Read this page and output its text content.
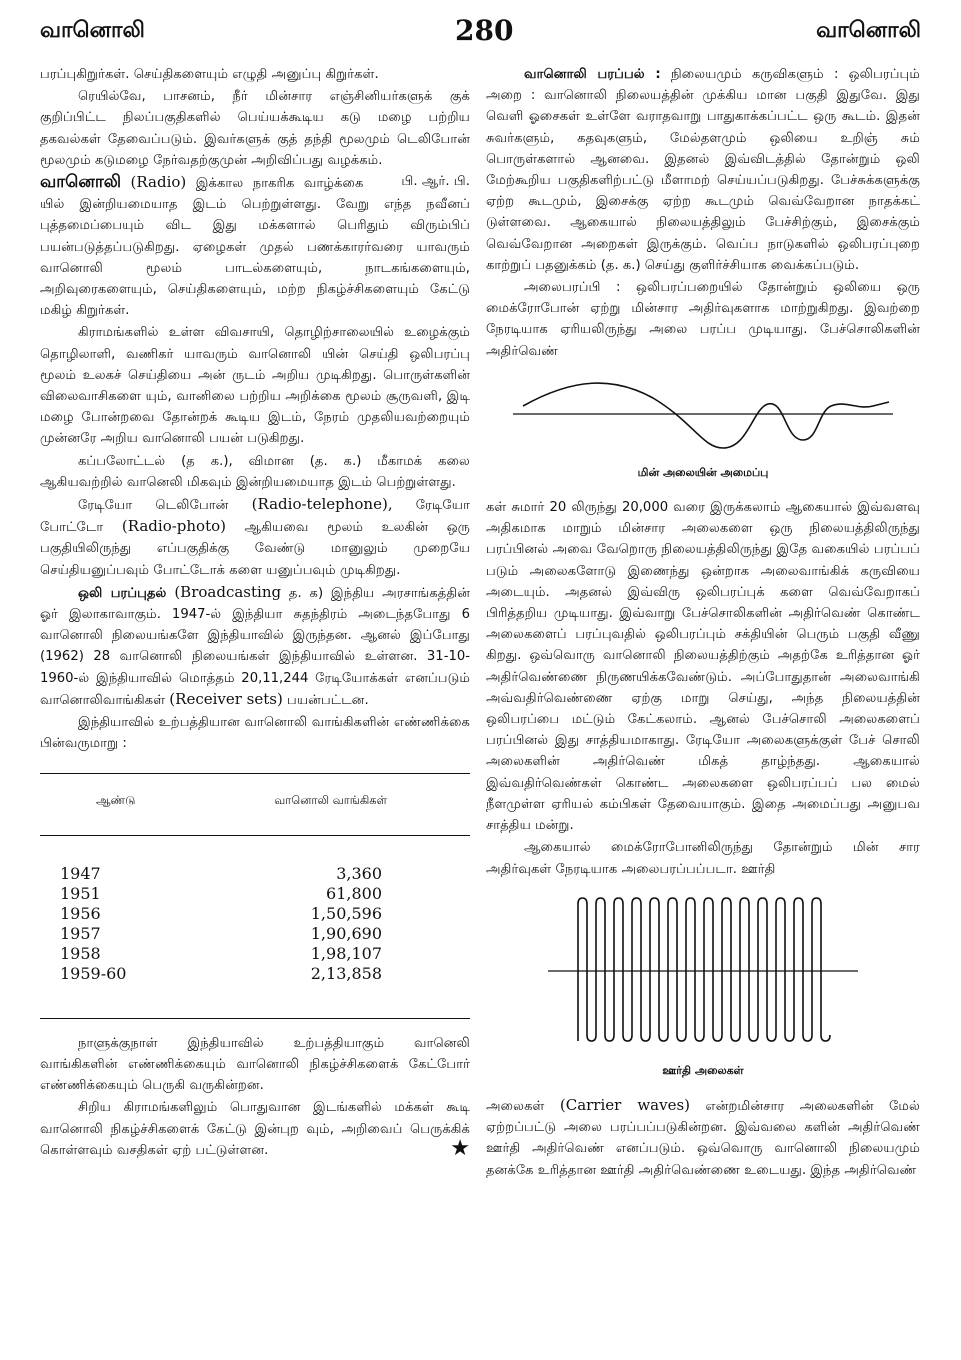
வானொலி	280	வானொலி

பரப்புகிறுர்கள். செய்திகளையும் எழுதி அனுப்பு கிறுர்கள்.

ரெயில்வே, பாசனம், நீர் மின்சார எஞ்சினியர்களுக் குக் குறிப்பிட்ட நிலப்பகுதிகளில் பெய்யக்கூடிய கடு மழை பற்றிய தகவல்கள் தேவைப்படும். இவர்களுக் குத் தந்தி மூலமும் டெலிபோன் மூலமும் கடுமழை நேர்வதற்குமுன் அறிவிப்பது வழக்கம்.
பி. ஆர். பி.

வானொலி (Radio) இக்கால நாகரிக வாழ்க்கை யில் இன்றியமையாத இடம் பெற்றுள்ளது. வேறு எந்த நவீனப் புத்தமைப்பையும் விட இது மக்களால் பெரிதும் விரும்பிப் பயன்படுத்தப்படுகிறது. ஏழைகள் முதல் பணக்காரர்வரை யாவரும் வானொலி மூலம் பாடல்களையும், நாடகங்களையும், அறிவுரைகளையும், செய்திகளையும், மற்ற நிகழ்ச்சிகளையும் கேட்டு மகிழ் கிறுர்கள்.

கிராமங்களில் உள்ள விவசாயி, தொழிற்சாலையில் உழைக்கும் தொழிலாளி, வணிகர் யாவரும் வானொலி யின் செய்தி ஒலிபரப்பு மூலம் உலகச் செய்தியை அன் ருடம் அறிய முடிகிறது. பொருள்களின் விலைவாசிகளை யும், வானிலை பற்றிய அறிக்கை மூலம் சூருவளி, இடி மழை போன்றவை தோன்றக் கூடிய இடம், நேரம் முதலியவற்றையும் முன்னரே அறிய வானொலி பயன் படுகிறது.

கப்பலோட்டல் (த க.), விமான (த. க.) மீகாமக் கலை ஆகியவற்றில் வானெலி மிகவும் இன்றியமையாத இடம் பெற்றுள்ளது.

ரேடியோ டெலிபோன் (Radio-telephone), ரேடியோ போட்டோ (Radio-photo) ஆகியவை மூலம் உலகின் ஒரு பகுதியிலிருந்து எப்பகுதிக்கு வேண்டு மானுலும் முறையே செய்தியனுப்பவும் போட்டோக் களை யனுப்பவும் முடிகிறது.

ஒலி பரப்புதல் (Broadcasting த. க) இந்திய அரசாங்கத்தின் ஓர் இலாகாவாகும். 1947-ல் இந்தியா சுதந்திரம் அடைந்தபோது 6 வானொலி நிலையங்களே இந்தியாவில் இருந்தன. ஆனல் இப்போது (1962) 28 வானொலி நிலையங்கள் இந்தியாவில் உள்ளன. 31-10-1960-ல் இந்தியாவில் மொத்தம் 20,11,244 ரேடியோக்கள் எனப்படும் வானொலிவாங்கிகள் (Receiver sets) பயன்பட்டன.

இந்தியாவில் உற்பத்தியான வானொலி வாங்கிகளின் எண்ணிக்கை பின்வருமாறு :

ஆண்டு	வானொலி வாங்கிகள்
1947	3,360
1951	61,800
1956	1,50,596
1957	1,90,690
1958	1,98,107
1959-60	2,13,858

நாளுக்குநாள் இந்தியாவில் உற்பத்தியாகும் வானெலி வாங்கிகளின் எண்ணிக்கையும் வானொலி நிகழ்ச்சிகளைக் கேட்போர் எண்ணிக்கையும் பெருகி வருகின்றன.

சிறிய கிராமங்களிலும் பொதுவான இடங்களில் மக்கள் கூடி வானொலி நிகழ்ச்சிகளைக் கேட்டு இன்புற வும், அறிவைப் பெருக்கிக் கொள்ளவும் வசதிகள் ஏற் பட்டுள்ளன.	★

வானொலி பரப்பல் : நிலையமும் கருவிகளும் : ஒலிபரப்பும் அறை : வானொலி நிலையத்தின் முக்கிய மான பகுதி இதுவே. இது வெளி ஓசைகள் உள்ளே வராதவாறு பாதுகாக்கப்பட்ட ஒரு கூடம். இதன் சுவர்களும், கதவுகளும், மேல்தளமும் ஒலியை உறிஞ் சும் பொருள்களால் ஆனவை. இதனல் இவ்விடத்தில் தோன்றும் ஒலி மேற்கூறிய பகுதிகளிற்பட்டு மீளாமற் செய்யப்படுகிறது. பேச்சுக்களுக்கு ஏற்ற கூடமும், இசைக்கு ஏற்ற கூடமும் வெவ்வேறான நாதக்கட் டுள்ளவை. ஆகையால் நிலையத்திலும் பேச்சிற்கும், இசைக்கும் வெவ்வேறான அறைகள் இருக்கும். வெப்ப நாடுகளில் ஒலிபரப்புறை காற்றுப் பதனுக்கம் (த. க.) செய்து குளிர்ச்சியாக வைக்கப்படும்.

அலைபரப்பி : ஒலிபரப்பறையில் தோன்றும் ஒலியை ஒரு மைக்ரோபோன் ஏற்று மின்சார அதிர்வுகளாக மாற்றுகிறது. இவற்றை நேரடியாக ஏரியலிருந்து அலை பரப்ப முடியாது. பேச்சொலிகளின் அதிர்வெண்

மின் அலையின் அமைப்பு

கள் சுமார் 20 லிருந்து 20,000 வரை இருக்கலாம் ஆகையால் இவ்வளவு அதிகமாக மாறும் மின்சார அலைகளை ஒரு நிலையத்திலிருந்து பரப்பினல் அவை வேறொரு நிலையத்திலிருந்து இதே வகையில் பரப்பப் படும் அலைகளோடு இணைந்து ஒன்றாக அலைவாங்கிக் கருவியை அடையும். அதனல் இவ்விரு ஒலிபரப்புக் களை வெவ்வேறாகப் பிரித்தறிய முடியாது. இவ்வாறு பேச்சொலிகளின் அதிர்வெண் கொண்ட அலைகளைப் பரப்புவதில் ஒலிபரப்பும் சக்தியின் பெரும் பகுதி வீணு கிறது. ஒவ்வொரு வானொலி நிலையத்திற்கும் அதற்கே உரித்தான ஓர் அதிர்வெண்ணை நிருணயிக்கவேண்டும். அப்போதுதான் அலைவாங்கி அவ்வதிர்வெண்ணை ஏற்கு மாறு செய்து, அந்த நிலையத்தின் ஒலிபரப்பை மட்டும் கேட்கலாம். ஆனல் பேச்சொலி அலைகளைப் பரப்பினல் இது சாத்தியமாகாது. ரேடியோ அலைகளுக்குள் பேச் சொலி அலைகளின் அதிர்வெண் மிகத் தாழ்ந்தது. ஆகையால் இவ்வதிர்வெண்கள் கொண்ட அலைகளை ஒலிபரப்பப் பல மைல் நீளமுள்ள ஏரியல் கம்பிகள் தேவையாகும். இதை அமைப்பது அனுபவ சாத்திய மன்று.

ஆகையால் மைக்ரோபோனிலிருந்து தோன்றும் மின் சார அதிர்வுகள் நேரடியாக அலைபரப்பப்படா. ஊர்தி

ஊர்தி அலைகள்

அலைகள் (Carrier waves) என்றமின்சார அலைகளின் மேல் ஏற்றப்பட்டு அலை பரப்பப்படுகின்றன. இவ்வலை களின் அதிர்வெண் ஊர்தி அதிர்வெண் எனப்படும். ஒவ்வொரு வானொலி நிலையமும் தனக்கே உரித்தான ஊர்தி அதிர்வெண்ணை உடையது. இந்த அதிர்வெண்
